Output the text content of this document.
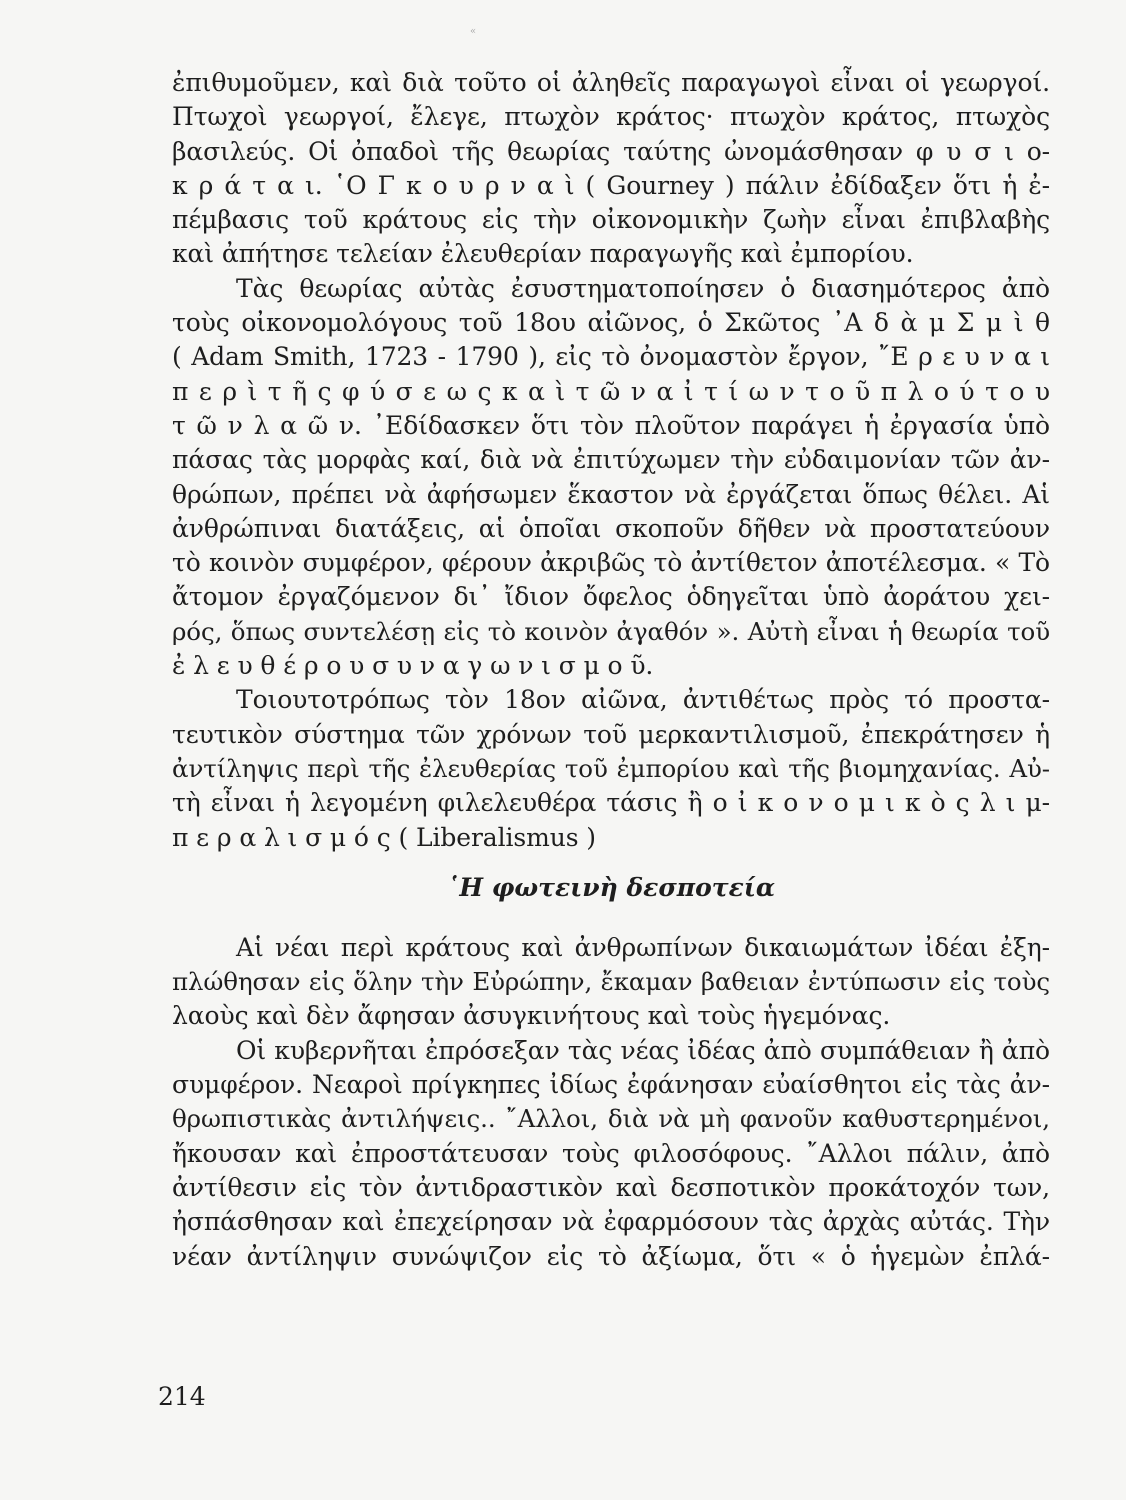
«
ἐπιθυμοῦμεν, καὶ διὰ τοῦτο οἱ ἀληθεῖς παραγωγοὶ εἶναι οἱ γεωργοί.
Πτωχοὶ γεωργοί, ἔλεγε, πτωχὸν κράτος· πτωχὸν κράτος, πτωχὸς
βασιλεύς. Οἱ ὀπαδοὶ τῆς θεωρίας ταύτης ὠνομάσθησαν φ υ σ ι ο-
κ ρ ά τ α ι. ῾Ο Γ κ ο υ ρ ν α ὶ ( Gourney ) πάλιν ἐδίδαξεν ὅτι ἡ ἐ-
πέμβασις τοῦ κράτους εἰς τὴν οἰκονομικὴν ζωὴν εἶναι ἐπιβλαβὴς
καὶ ἀπήτησε τελείαν ἐλευθερίαν παραγωγῆς καὶ ἐμπορίου.
Τὰς θεωρίας αὐτὰς ἐσυστηματοποίησεν ὁ διασημότερος ἀπὸ
τοὺς οἰκονομολόγους τοῦ 18ου αἰῶνος, ὁ Σκῶτος ᾽Α δ ὰ μ Σ μ ὶ θ
( Adam Smith, 1723 - 1790 ), εἰς τὸ ὀνομαστὸν ἔργον, ῎Ε ρ ε υ ν α ι
π ε ρ ὶ τ ῆ ς φ ύ σ ε ω ς κ α ὶ τ ῶ ν α ἰ τ ί ω ν τ ο ῦ π λ ο ύ τ ο υ
τ ῶ ν λ α ῶ ν. ᾽Εδίδασκεν ὅτι τὸν πλοῦτον παράγει ἡ ἐργασία ὑπὸ
πάσας τὰς μορφὰς καί, διὰ νὰ ἐπιτύχωμεν τὴν εὐδαιμονίαν τῶν ἀν-
θρώπων, πρέπει νὰ ἀφήσωμεν ἕκαστον νὰ ἐργάζεται ὅπως θέλει. Αἱ
ἀνθρώπιναι διατάξεις, αἱ ὁποῖαι σκοποῦν δῆθεν νὰ προστατεύουν
τὸ κοινὸν συμφέρον, φέρουν ἀκριβῶς τὸ ἀντίθετον ἀποτέλεσμα. « Τὸ
ἄτομον ἐργαζόμενον δι᾽ ἴδιον ὄφελος ὁδηγεῖται ὑπὸ ἀοράτου χει-
ρός, ὅπως συντελέσῃ εἰς τὸ κοινὸν ἀγαθόν ». Αὐτὴ εἶναι ἡ θεωρία τοῦ
ἐ λ ε υ θ έ ρ ο υ σ υ ν α γ ω ν ι σ μ ο ῦ.
Τοιουτοτρόπως τὸν 18ον αἰῶνα, ἀντιθέτως πρὸς τό προστα-
τευτικὸν σύστημα τῶν χρόνων τοῦ μερκαντιλισμοῦ, ἐπεκράτησεν ἡ
ἀντίληψις περὶ τῆς ἐλευθερίας τοῦ ἐμπορίου καὶ τῆς βιομηχανίας. Αὐ-
τὴ εἶναι ἡ λεγομένη φιλελευθέρα τάσις ἢ ο ἰ κ ο ν ο μ ι κ ὸ ς λ ι μ-
π ε ρ α λ ι σ μ ό ς ( Liberalismus )
῾Η φωτεινὴ δεσποτεία
Αἱ νέαι περὶ κράτους καὶ ἀνθρωπίνων δικαιωμάτων ἰδέαι ἐξη-
πλώθησαν εἰς ὅλην τὴν Εὐρώπην, ἔκαμαν βαθειαν ἐντύπωσιν εἰς τοὺς
λαοὺς καὶ δὲν ἄφησαν ἀσυγκινήτους καὶ τοὺς ἡγεμόνας.
Οἱ κυβερνῆται ἐπρόσεξαν τὰς νέας ἰδέας ἀπὸ συμπάθειαν ἢ ἀπὸ
συμφέρον. Νεαροὶ πρίγκηπες ἰδίως ἐφάνησαν εὐαίσθητοι εἰς τὰς ἀν-
θρωπιστικὰς ἀντιλήψεις.. ῎Αλλοι, διὰ νὰ μὴ φανοῦν καθυστερημένοι,
ἤκουσαν καὶ ἐπροστάτευσαν τοὺς φιλοσόφους. ῎Αλλοι πάλιν, ἀπὸ
ἀντίθεσιν εἰς τὸν ἀντιδραστικὸν καὶ δεσποτικὸν προκάτοχόν των,
ἠσπάσθησαν καὶ ἐπεχείρησαν νὰ ἐφαρμόσουν τὰς ἀρχὰς αὐτάς. Τὴν
νέαν ἀντίληψιν συνώψιζον εἰς τὸ ἀξίωμα, ὅτι « ὁ ἡγεμὼν ἐπλά-
214
